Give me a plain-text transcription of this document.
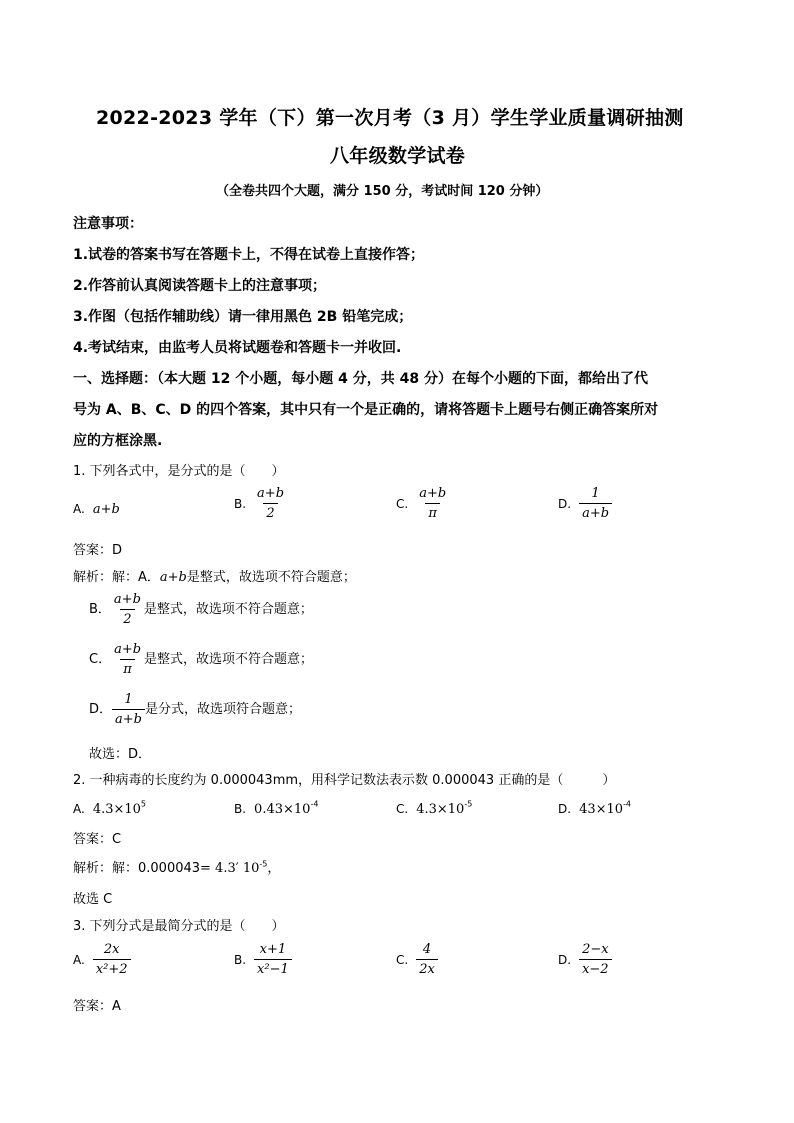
2022-2023 学年（下）第一次月考（3 月）学生学业质量调研抽测
八年级数学试卷
（全卷共四个大题，满分 150 分，考试时间 120 分钟）
注意事项：
1.试卷的答案书写在答题卡上，不得在试卷上直接作答；
2.作答前认真阅读答题卡上的注意事项；
3.作图（包括作辅助线）请一律用黑色 2B 铅笔完成；
4.考试结束，由监考人员将试题卷和答题卡一并收回.
一、选择题：（本大题 12 个小题，每小题 4 分，共 48 分）在每个小题的下面，都给出了代
号为 A、B、C、D 的四个答案，其中只有一个是正确的，请将答题卡上题号右侧正确答案所对
应的方框涂黑.
1. 下列各式中，是分式的是（　　）
A. a+b	B. $\frac{a+b}{2}$	C. $\frac{a+b}{\pi}$	D. $\frac{1}{a+b}$
答案：D
解析：解：A．a+b是整式，故选项不符合题意；
B． $\frac{a+b}{2}$ 是整式，故选项不符合题意；
C． $\frac{a+b}{\pi}$ 是整式，故选项不符合题意；
D． $\frac{1}{a+b}$ 是分式，故选项符合题意；
故选：D．
2. 一种病毒的长度约为 0.000043mm，用科学记数法表示数 0.000043 正确的是（　　　）
A. $4.3\times 10^5$	B. $0.43\times 10^{-4}$	C. $4.3\times 10^{-5}$	D. $43\times 10^{-4}$
答案：C
解析：解：0.000043= 4.3′ $10^{-5}$，
故选 C
3. 下列分式是最简分式的是（　　）
A. $\frac{2x}{\text{x²+2}}$	B. $\frac{x+1}{\text{x²−1}}$	C. $\frac{4}{2x}$	D. $\frac{2-x}{x-2}$
答案：A
